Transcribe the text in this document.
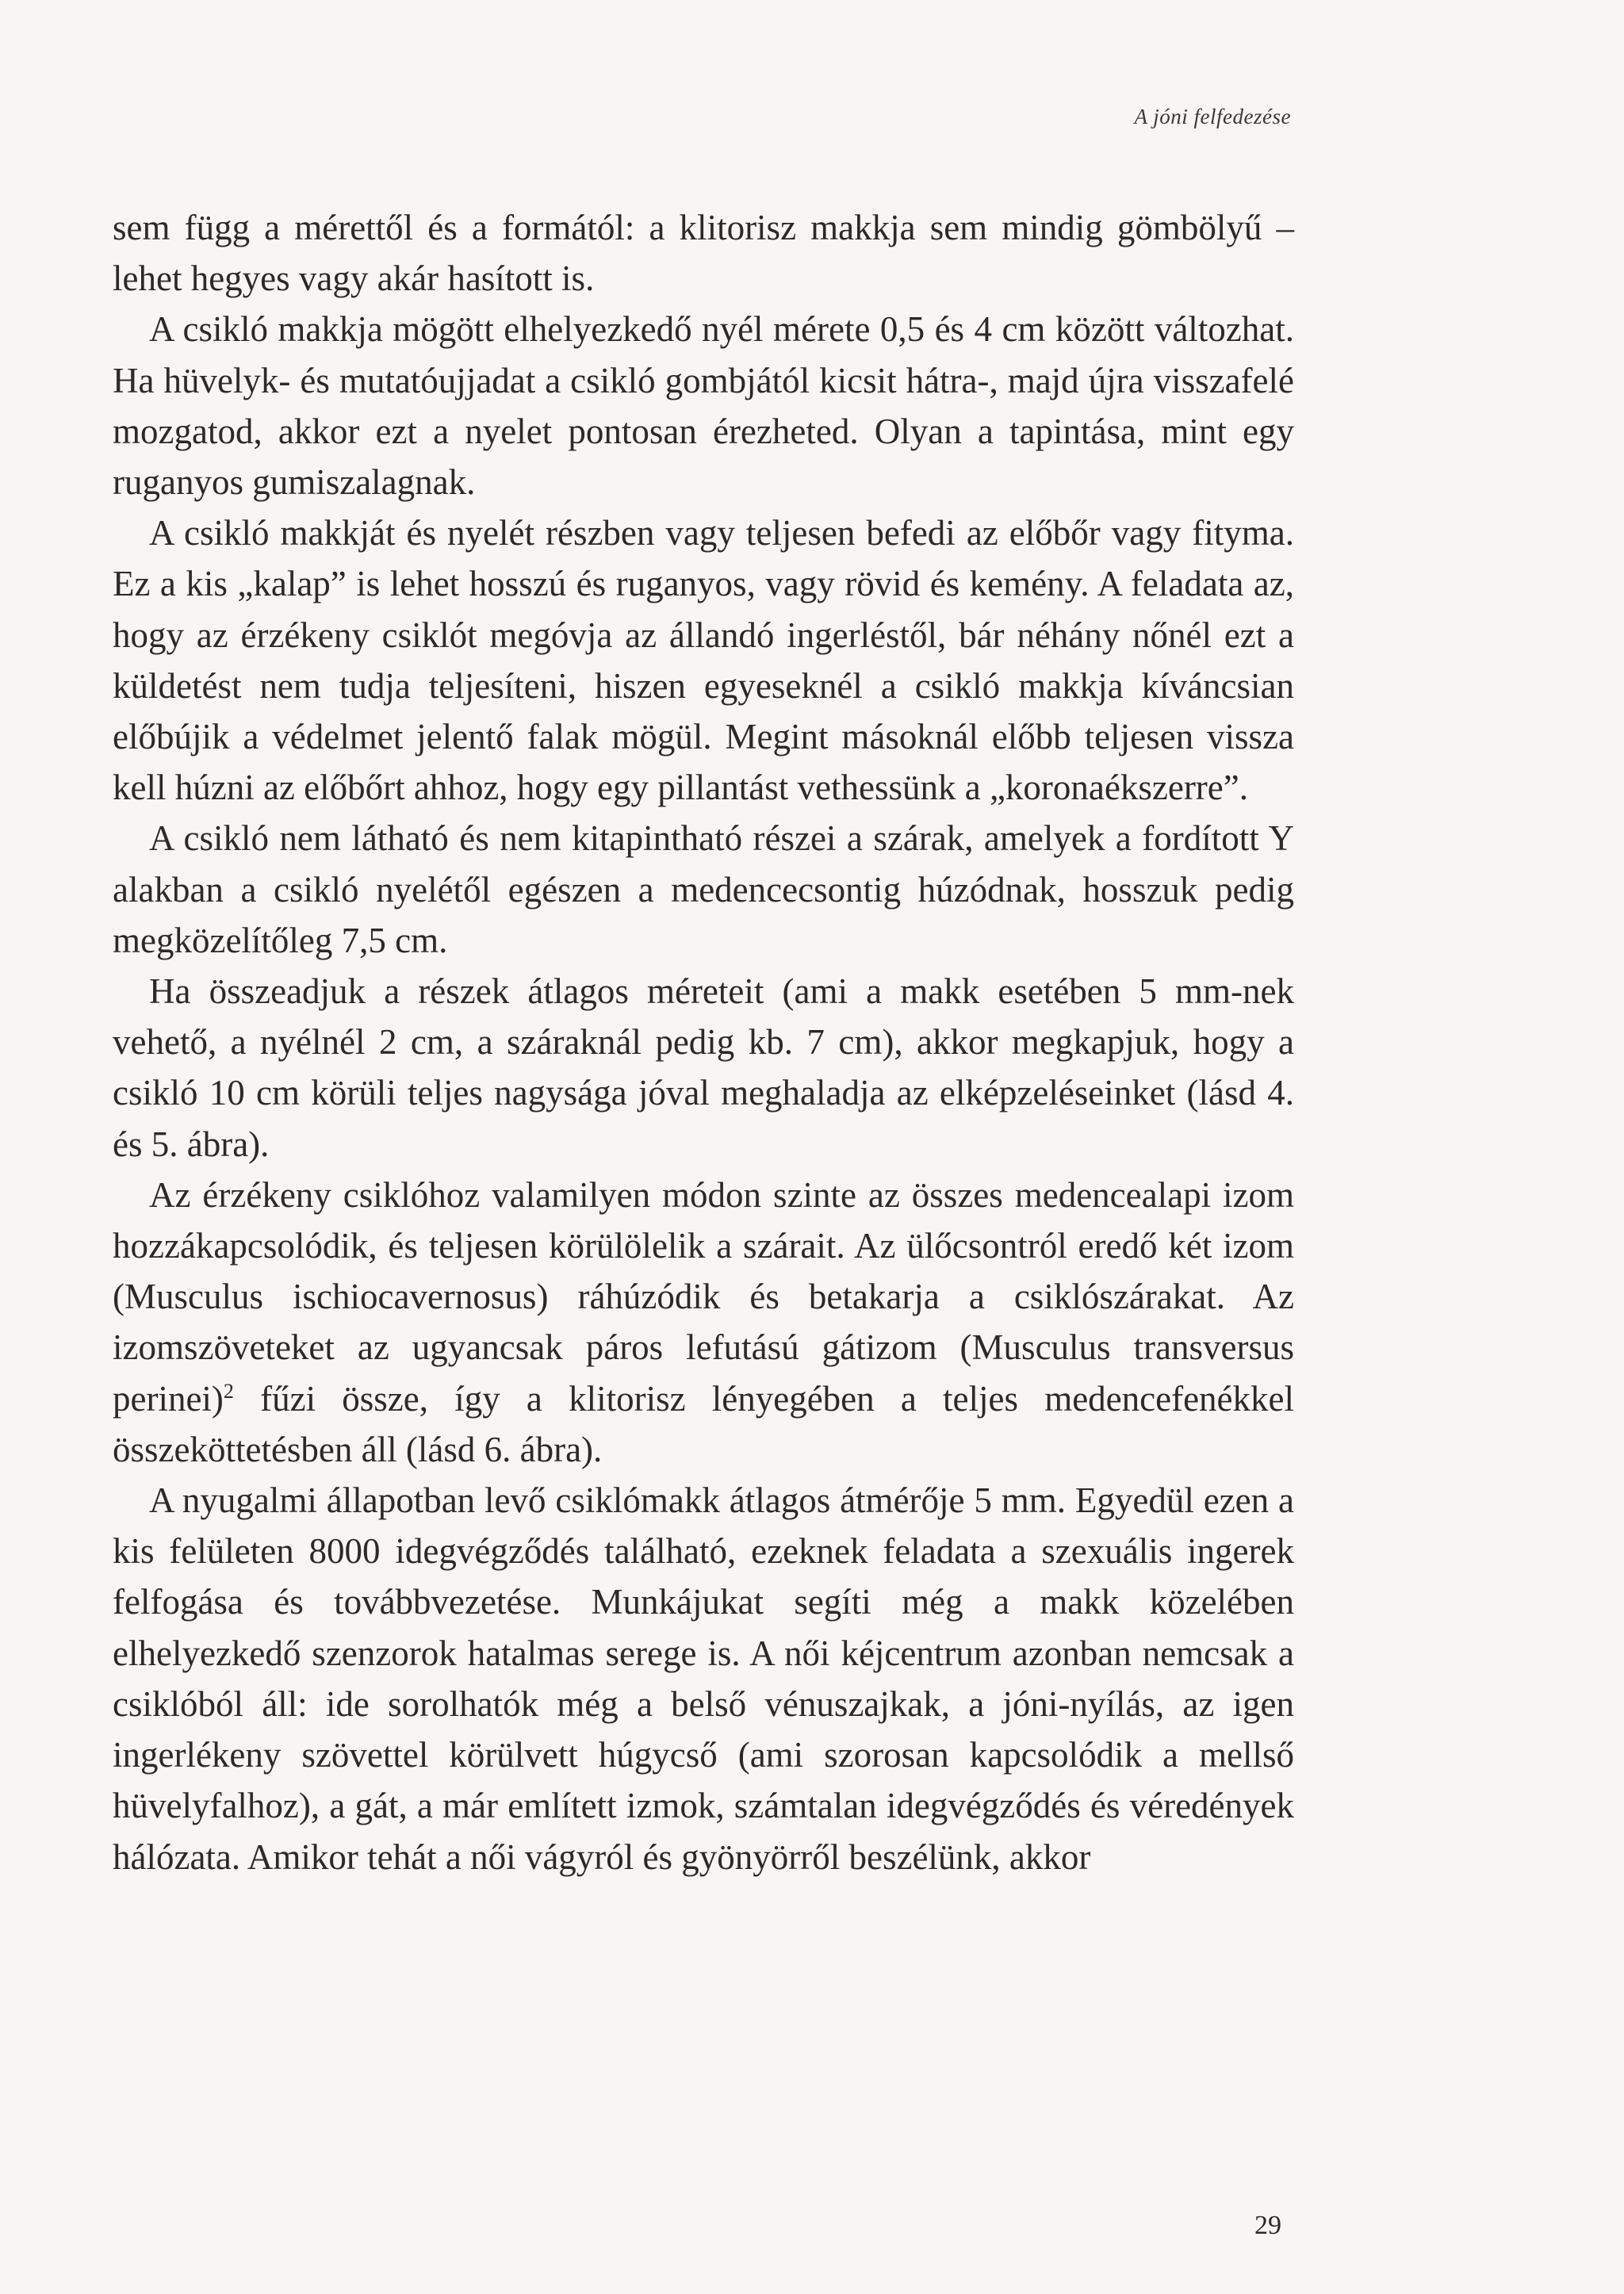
A jóni felfedezése

sem függ a mérettől és a formától: a klitorisz makkja sem mindig gömbölyű – lehet hegyes vagy akár hasított is.

A csikló makkja mögött elhelyezkedő nyél mérete 0,5 és 4 cm között változhat. Ha hüvelyk- és mutatóujjadat a csikló gombjától kicsit hátra-, majd újra visszafelé mozgatod, akkor ezt a nyelet pontosan érezheted. Olyan a tapintása, mint egy ruganyos gumiszalagnak.

A csikló makkját és nyelét részben vagy teljesen befedi az előbőr vagy fityma. Ez a kis „kalap” is lehet hosszú és ruganyos, vagy rövid és kemény. A feladata az, hogy az érzékeny csiklót megóvja az állandó ingerléstől, bár néhány nőnél ezt a küldetést nem tudja teljesíteni, hiszen egyeseknél a csikló makkja kíváncsian előbújik a védelmet jelentő falak mögül. Megint másoknál előbb teljesen vissza kell húzni az előbőrt ahhoz, hogy egy pillantást vethessünk a „koronaékszerre”.

A csikló nem látható és nem kitapintható részei a szárak, amelyek a fordított Y alakban a csikló nyelétől egészen a medencecsontig húzódnak, hosszuk pedig megközelítőleg 7,5 cm.

Ha összeadjuk a részek átlagos méreteit (ami a makk esetében 5 mm-nek vehető, a nyélnél 2 cm, a száraknál pedig kb. 7 cm), akkor megkapjuk, hogy a csikló 10 cm körüli teljes nagysága jóval meghaladja az elképzeléseinket (lásd 4. és 5. ábra).

Az érzékeny csiklóhoz valamilyen módon szinte az összes medencealapi izom hozzákapcsolódik, és teljesen körülölelik a szárait. Az ülőcsontról eredő két izom (Musculus ischiocavernosus) ráhúzódik és betakarja a csiklószárakat. Az izomszöveteket az ugyancsak páros lefutású gátizom (Musculus transversus perinei)$^2$ fűzi össze, így a klitorisz lényegében a teljes medencefenékkel összeköttetésben áll (lásd 6. ábra).

A nyugalmi állapotban levő csiklómakk átlagos átmérője 5 mm. Egyedül ezen a kis felületen 8000 idegvégződés található, ezeknek feladata a szexuális ingerek felfogása és továbbvezetése. Munkájukat segíti még a makk közelében elhelyezkedő szenzorok hatalmas serege is. A női kéjcentrum azonban nemcsak a csiklóból áll: ide sorolhatók még a belső vénuszajkak, a jóni-nyílás, az igen ingerlékeny szövettel körülvett húgycső (ami szorosan kapcsolódik a mellső hüvelyfalhoz), a gát, a már említett izmok, számtalan idegvégződés és véredények hálózata. Amikor tehát a női vágyról és gyönyörről beszélünk, akkor

29
